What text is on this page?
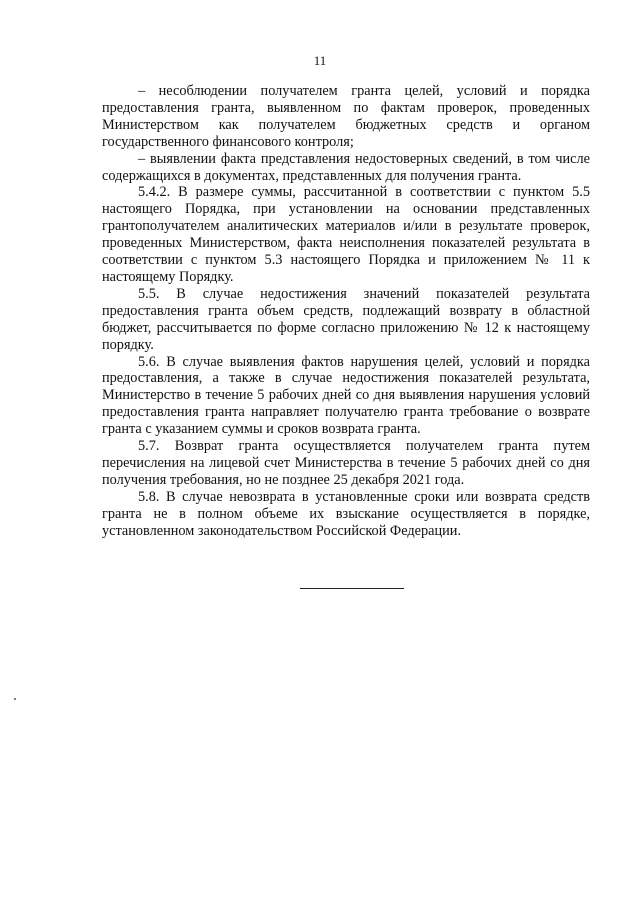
11

– несоблюдении получателем гранта целей, условий и порядка предоставления гранта, выявленном по фактам проверок, проведенных Министерством как получателем бюджетных средств и органом государственного финансового контроля;

– выявлении факта представления недостоверных сведений, в том числе содержащихся в документах, представленных для получения гранта.

5.4.2. В размере суммы, рассчитанной в соответствии с пунктом 5.5 настоящего Порядка, при установлении на основании представленных грантополучателем аналитических материалов и/или в результате проверок, проведенных Министерством, факта неисполнения показателей результата в соответствии с пунктом 5.3 настоящего Порядка и приложением № 11 к настоящему Порядку.

5.5. В случае недостижения значений показателей результата предоставления гранта объем средств, подлежащий возврату в областной бюджет, рассчитывается по форме согласно приложению № 12 к настоящему порядку.

5.6. В случае выявления фактов нарушения целей, условий и порядка предоставления, а также в случае недостижения показателей результата, Министерство в течение 5 рабочих дней со дня выявления нарушения условий предоставления гранта направляет получателю гранта требование о возврате гранта с указанием суммы и сроков возврата гранта.

5.7. Возврат гранта осуществляется получателем гранта путем перечисления на лицевой счет Министерства в течение 5 рабочих дней со дня получения требования, но не позднее 25 декабря 2021 года.

5.8. В случае невозврата в установленные сроки или возврата средств гранта не в полном объеме их взыскание осуществляется в порядке, установленном законодательством Российской Федерации.
